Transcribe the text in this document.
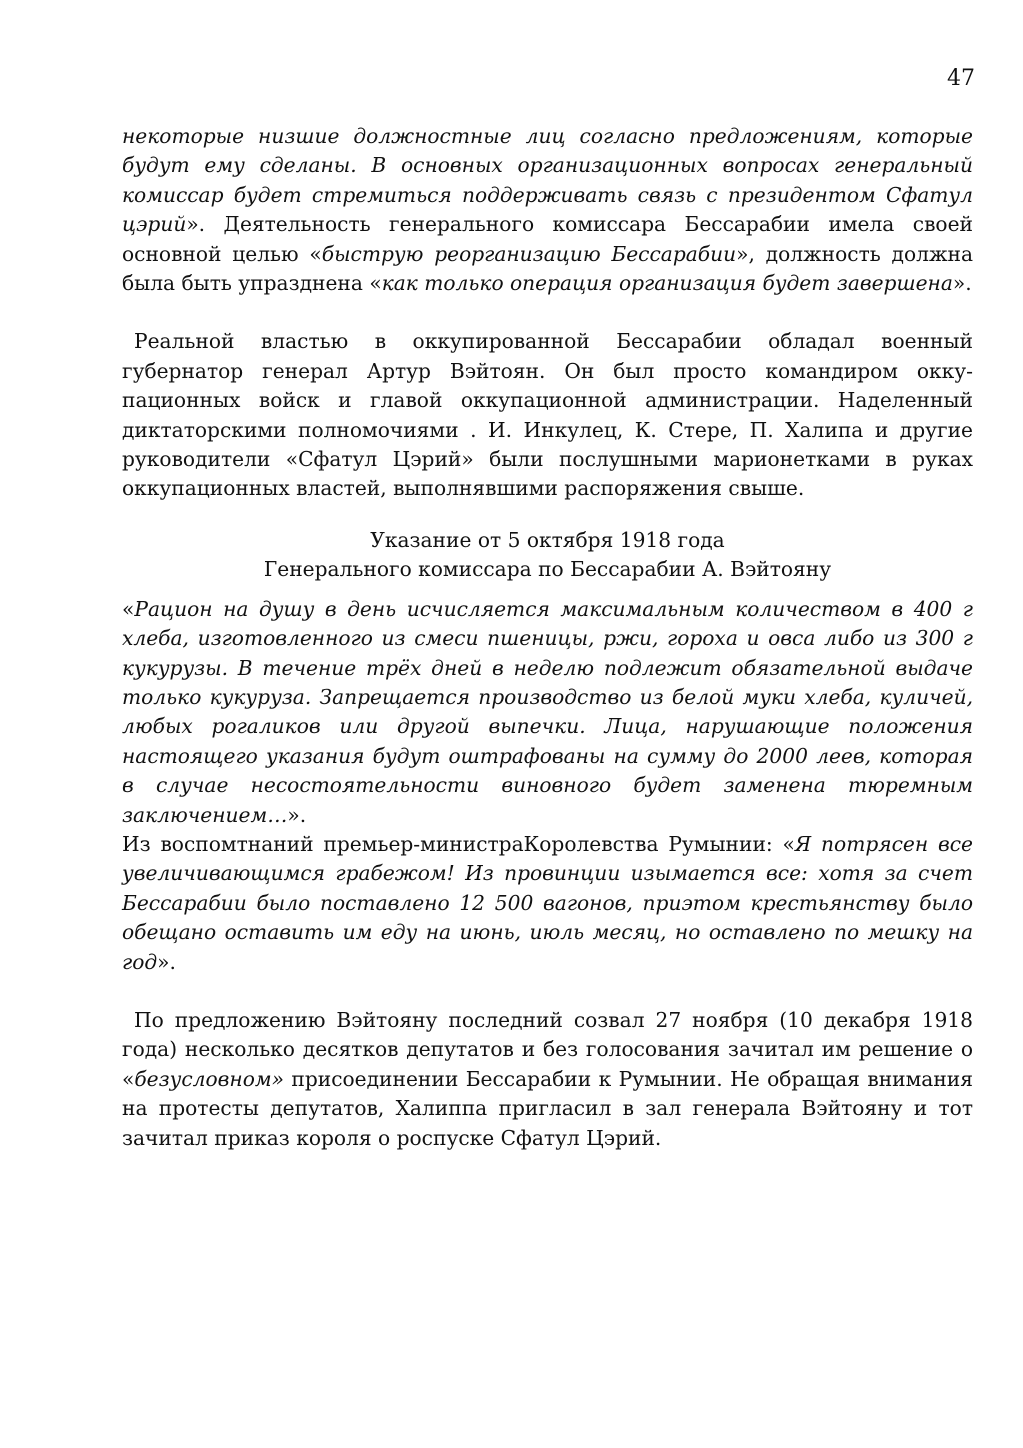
47

некоторые низшие должностные лиц согласно предложениям, которые будут ему сделаны. В основных организационных вопросах генеральный комиссар будет стремиться поддерживать связь с президентом Сфатул цэрий». Деятельность генерального комиссара Бессарабии имела своей основной целью «быструю реорганизацию Бессарабии», должность должна была быть упразднена «как только операция организация будет завершена».

Реальной властью в оккупированной Бессарабии обладал военный губернатор генерал Артур Вэйтоян. Он был просто командиром оккупационных войск и главой оккупационной администрации. Наделенный диктаторскими полномочиями . И. Инкулец, К. Стере, П. Халипа и другие руководители «Сфатул Цэрий» были послушными марионетками в руках оккупационных властей, выполнявшими распоряжения свыше.

Указание от 5 октября 1918 года

Генерального комиссара по Бессарабии А. Вэйтояну

«Рацион на душу в день исчисляется максимальным количеством в 400 г хлеба, изготовленного из смеси пшеницы, ржи, гороха и овса либо из 300 г кукурузы. В течение трёх дней в неделю подлежит обязательной выдаче только кукуруза. Запрещается производство из белой муки хлеба, куличей, любых рогаликов или другой выпечки. Лица, нарушающие положения настоящего указания будут оштрафованы на сумму до 2000 леев, которая в случае несостоятельности виновного будет заменена тюремным заключением…».

Из воспомтнаний премьер-министраКоролевства Румынии: «Я потрясен все увеличивающимся грабежом! Из провинции изымается все: хотя за счет Бессарабии было поставлено 12 500 вагонов, приэтом крестьянству было обещано оставить им еду на июнь, июль месяц, но оставлено по мешку на год».

По предложению Вэйтояну последний созвал 27 ноября (10 декабря 1918 года) несколько десятков депутатов и без голосования зачитал им решение о «безусловном» присоединении Бессарабии к Румынии. Не обращая внимания на протесты депутатов, Халиппа пригласил в зал генерала Вэйтояну и тот зачитал приказ короля о роспуске Сфатул Цэрий.
